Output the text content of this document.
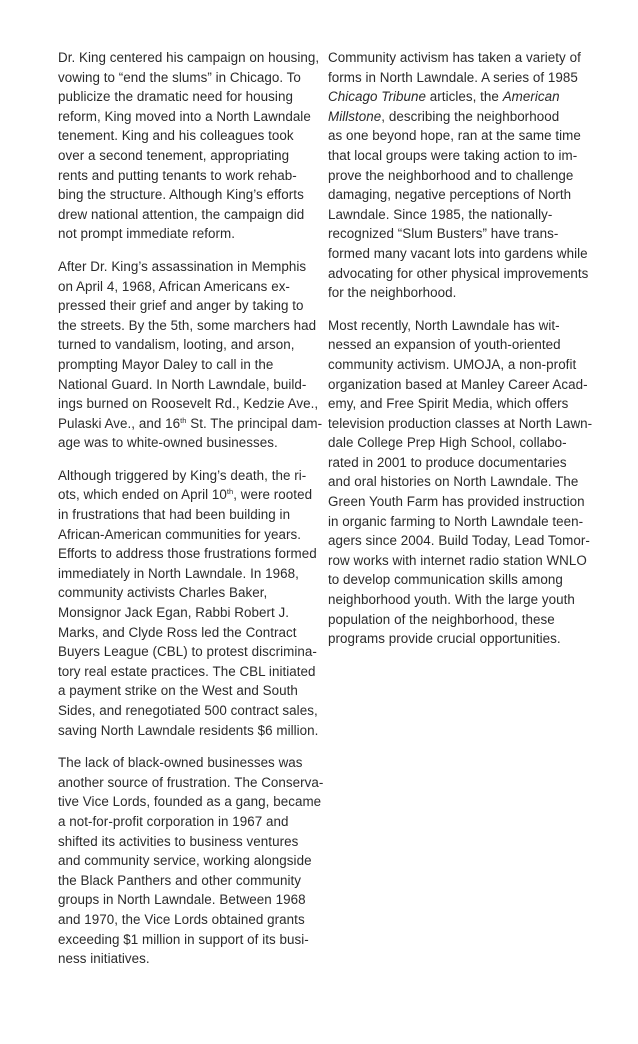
Dr. King centered his campaign on housing,
vowing to “end the slums” in Chicago. To
publicize the dramatic need for housing
reform, King moved into a North Lawndale
tenement. King and his colleagues took
over a second tenement, appropriating
rents and putting tenants to work rehab-
bing the structure. Although King’s efforts
drew national attention, the campaign did
not prompt immediate reform.
After Dr. King’s assassination in Memphis
on April 4, 1968, African Americans ex-
pressed their grief and anger by taking to
the streets. By the 5th, some marchers had
turned to vandalism, looting, and arson,
prompting Mayor Daley to call in the
National Guard. In North Lawndale, build-
ings burned on Roosevelt Rd., Kedzie Ave.,
Pulaski Ave., and 16th St. The principal dam-
age was to white-owned businesses.
Although triggered by King’s death, the ri-
ots, which ended on April 10th, were rooted
in frustrations that had been building in
African-American communities for years.
Efforts to address those frustrations formed
immediately in North Lawndale. In 1968,
community activists Charles Baker,
Monsignor Jack Egan, Rabbi Robert J.
Marks, and Clyde Ross led the Contract
Buyers League (CBL) to protest discrimina-
tory real estate practices. The CBL initiated
a payment strike on the West and South
Sides, and renegotiated 500 contract sales,
saving North Lawndale residents $6 million.
The lack of black-owned businesses was
another source of frustration. The Conserva-
tive Vice Lords, founded as a gang, became
a not-for-profit corporation in 1967 and
shifted its activities to business ventures
and community service, working alongside
the Black Panthers and other community
groups in North Lawndale. Between 1968
and 1970, the Vice Lords obtained grants
exceeding $1 million in support of its busi-
ness initiatives.
Community activism has taken a variety of
forms in North Lawndale. A series of 1985
Chicago Tribune articles, the American
Millstone, describing the neighborhood
as one beyond hope, ran at the same time
that local groups were taking action to im-
prove the neighborhood and to challenge
damaging, negative perceptions of North
Lawndale. Since 1985, the nationally-
recognized “Slum Busters” have trans-
formed many vacant lots into gardens while
advocating for other physical improvements
for the neighborhood.
Most recently, North Lawndale has wit-
nessed an expansion of youth-oriented
community activism. UMOJA, a non-profit
organization based at Manley Career Acad-
emy, and Free Spirit Media, which offers
television production classes at North Lawn-
dale College Prep High School, collabo-
rated in 2001 to produce documentaries
and oral histories on North Lawndale. The
Green Youth Farm has provided instruction
in organic farming to North Lawndale teen-
agers since 2004. Build Today, Lead Tomor-
row works with internet radio station WNLO
to develop communication skills among
neighborhood youth. With the large youth
population of the neighborhood, these
programs provide crucial opportunities.
